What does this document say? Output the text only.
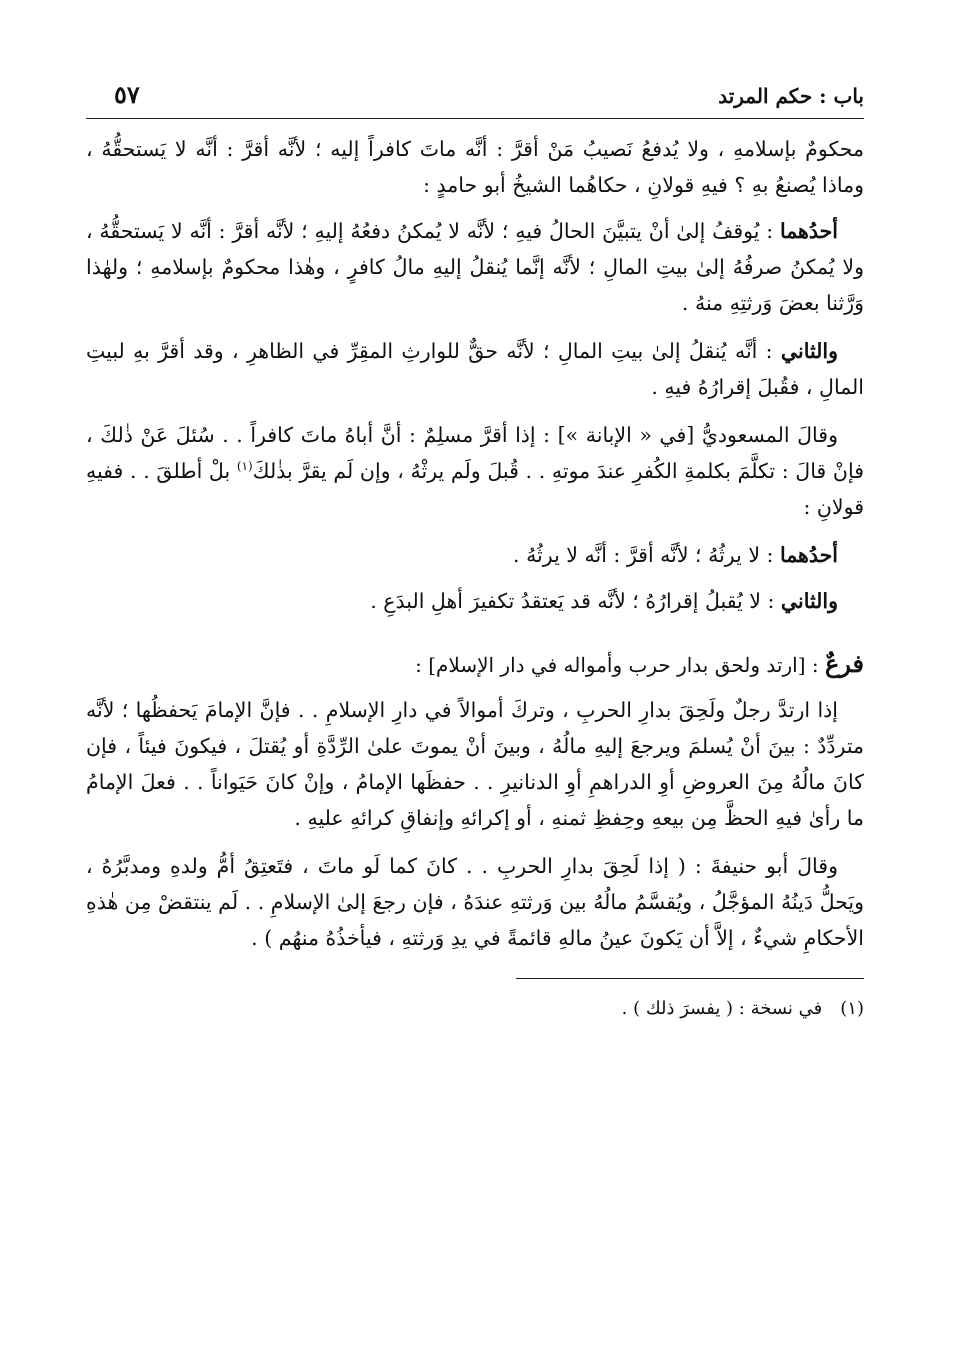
باب : حكم المرتد
٥٧

محكومٌ بإسلامهِ ، ولا يُدفعُ نَصيبُ مَنْ أقرَّ : أنَّه ماتَ كافراً إليه ؛ لأنَّه أقرَّ : أنَّه لا يَستحقُّهُ ، وماذا يُصنعُ بهِ ؟ فيهِ قولانِ ، حكاهُما الشيخُ أبو حامدٍ :

أحدُهما : يُوقفُ إلىٰ أنْ يتبيَّنَ الحالُ فيهِ ؛ لأنَّه لا يُمكنُ دفعُهُ إليهِ ؛ لأنَّه أقرَّ : أنَّه لا يَستحقُّهُ ، ولا يُمكنُ صرفُهُ إلىٰ بيتِ المالِ ؛ لأنَّه إنَّما يُنقلُ إليهِ مالُ كافرٍ ، وهٰذا محكومٌ بإسلامهِ ؛ ولهٰذا وَرَّثنا بعضَ وَرثتِهِ منهُ .

والثاني : أنَّه يُنقلُ إلىٰ بيتِ المالِ ؛ لأنَّه حقٌّ للوارثِ المقِرِّ في الظاهرِ ، وقد أقرَّ بهِ لبيتِ المالِ ، فقُبلَ إقرارُهُ فيهِ .

وقالَ المسعوديُّ [في « الإبانة »] : إذا أقرَّ مسلِمٌ : أنَّ أباهُ ماتَ كافراً . . سُئلَ عَنْ ذٰلكَ ، فإنْ قالَ : تكلَّمَ بكلمةِ الكُفرِ عندَ موتهِ . . قُبلَ ولَم يرثْهُ ، وإن لَم يقرَّ بذٰلكَ$^{(١)}$ بلْ أطلقَ . . ففيهِ قولانِ :

أحدُهما : لا يرثُهُ ؛ لأنَّه أقرَّ : أنَّه لا يرثُهُ .

والثاني : لا يُقبلُ إقرارُهُ ؛ لأنَّه قد يَعتقدُ تكفيرَ أهلِ البدَعِ .

فرعٌ : [ارتد ولحق بدار حرب وأمواله في دار الإسلام] :

إذا ارتدَّ رجلٌ ولَحِقَ بدارِ الحربِ ، وتركَ أموالاً في دارِ الإسلامِ . . فإنَّ الإمامَ يَحفظُها ؛ لأنَّه متردِّدٌ : بينَ أنْ يُسلمَ ويرجعَ إليهِ مالُهُ ، وبينَ أنْ يموتَ علىٰ الرِّدَّةِ أو يُقتلَ ، فيكونَ فيئاً ، فإن كانَ مالُهُ مِنَ العروضِ أوِ الدراهمِ أوِ الدنانيرِ . . حفظَها الإمامُ ، وإنْ كانَ حَيَواناً . . فعلَ الإمامُ ما رأىٰ فيهِ الحظَّ مِن بيعهِ وحِفظِ ثمنهِ ، أو إكرائهِ وإنفاقِ كرائهِ عليهِ .

وقالَ أبو حنيفةَ : ( إذا لَحِقَ بدارِ الحربِ . . كانَ كما لَو ماتَ ، فتَعتِقُ أمُّ ولدهِ ومدبَّرُهُ ، ويَحلُّ دَينُهُ المؤجَّلُ ، ويُقسَّمُ مالُهُ بين وَرثتهِ عندَهُ ، فإن رجعَ إلىٰ الإسلامِ . . لَم ينتقضْ مِن هٰذهِ الأحكامِ شيءٌ ، إلاَّ أن يَكونَ عينُ مالهِ قائمةً في يدِ وَرثتهِ ، فيأخذُهُ منهُم ) .

(١)في نسخة : ( يفسرَ ذلك ) .
